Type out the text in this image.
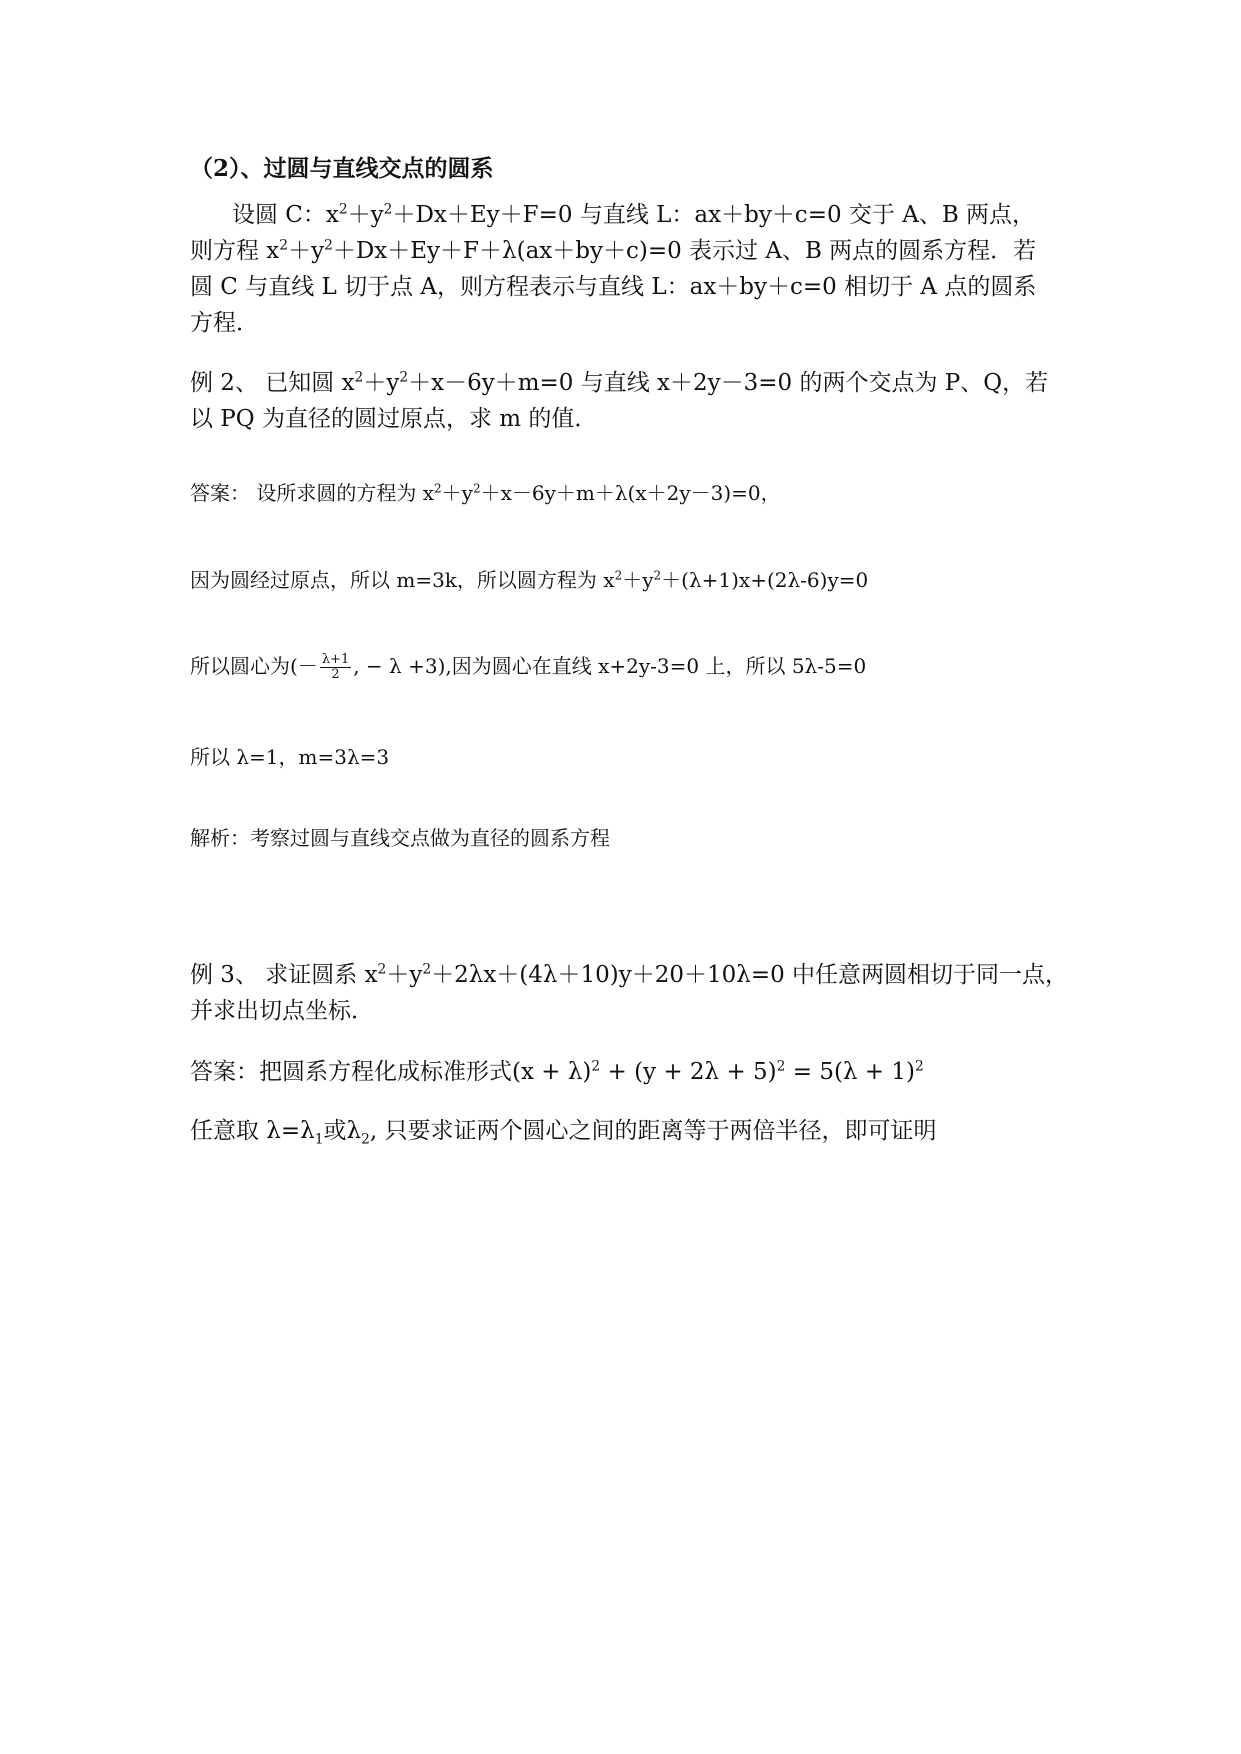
（2）、过圆与直线交点的圆系
设圆 C：$x^2+y^2+Dx+Ey+F=0$ 与直线 L：ax＋by＋c=0 交于 A、B 两点，
则方程 $x^2+y^2+Dx+Ey+F+\lambda(ax+by+c)=0$ 表示过 A、B 两点的圆系方程．若
圆 C 与直线 L 切于点 A，则方程表示与直线 L：ax＋by＋c=0 相切于 A 点的圆系
方程．
例 2、 已知圆 $x^2+y^2+x-6y+m=0$ 与直线 x＋2y－3=0 的两个交点为 P、Q，若
以 PQ 为直径的圆过原点，求 m 的值．
答案： 设所求圆的方程为 $x^2+y^2+x-6y+m+\lambda(x+2y-3)=0$，
因为圆经过原点，所以 m=3k，所以圆方程为 $x^2+y^2+(\lambda+1)x+(2\lambda-6)y=0$
所以圆心为(－ $\frac{\lambda+1}{2}$ , − λ +3),因为圆心在直线 x+2y-3=0 上，所以 5λ-5=0
所以 λ=1，m=3λ=3
解析：考察过圆与直线交点做为直径的圆系方程
例 3、 求证圆系 $x^2+y^2+2\lambda x+(4\lambda+10)y+20+10\lambda=0$ 中任意两圆相切于同一点，
并求出切点坐标．
答案：把圆系方程化成标准形式$(x + \lambda)^2 + (y + 2\lambda + 5)^2 = 5(\lambda + 1)^2$
任意取 $\lambda=\lambda_1$或$\lambda_2$, 只要求证两个圆心之间的距离等于两倍半径，即可证明
